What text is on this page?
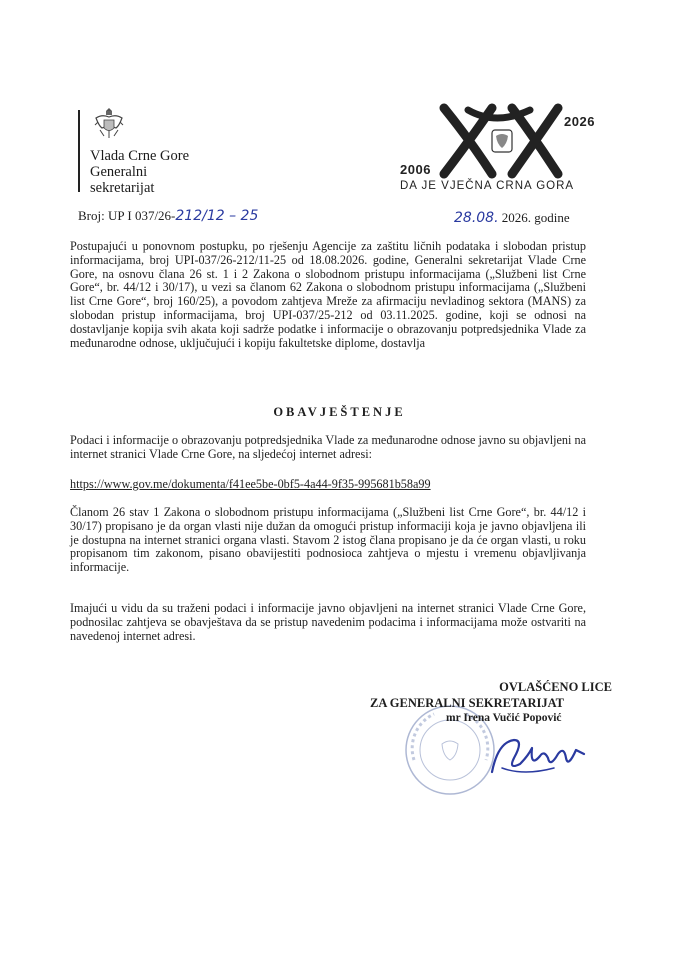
Vlada Crne Gore
Generalni
sekretarijat
2026
2006
DA JE VJEČNA CRNA GORA
Broj: UP I 037/26-212/12 – 25	28.08. 2026. godine
Postupajući u ponovnom postupku, po rješenju Agencije za zaštitu ličnih podataka i slobodan pristup informacijama, broj UPI-037/26-212/11-25 od 18.08.2026. godine, Generalni sekretarijat Vlade Crne Gore, na osnovu člana 26 st. 1 i 2 Zakona o slobodnom pristupu informacijama („Službeni list Crne Gore“, br. 44/12 i 30/17), u vezi sa članom 62 Zakona o slobodnom pristupu informacijama („Službeni list Crne Gore“, broj 160/25), a povodom zahtjeva Mreže za afirmaciju nevladinog sektora (MANS) za slobodan pristup informacijama, broj UPI-037/25-212 od 03.11.2025. godine, koji se odnosi na dostavljanje kopija svih akata koji sadrže podatke i informacije o obrazovanju potpredsjednika Vlade za međunarodne odnose, uključujući i kopiju fakultetske diplome, dostavlja
OBAVJEŠTENJE
Podaci i informacije o obrazovanju potpredsjednika Vlade za međunarodne odnose javno su objavljeni na internet stranici Vlade Crne Gore, na sljedećoj internet adresi:
https://www.gov.me/dokumenta/f41ee5be-0bf5-4a44-9f35-995681b58a99
Članom 26 stav 1 Zakona o slobodnom pristupu informacijama („Službeni list Crne Gore“, br. 44/12 i 30/17) propisano je da organ vlasti nije dužan da omogući pristup informaciji koja je javno objavljena ili je dostupna na internet stranici organa vlasti. Stavom 2 istog člana propisano je da će organ vlasti, u roku propisanom tim zakonom, pisano obavijestiti podnosioca zahtjeva o mjestu i vremenu objavljivanja informacije.
Imajući u vidu da su traženi podaci i informacije javno objavljeni na internet stranici Vlade Crne Gore, podnosilac zahtjeva se obavještava da se pristup navedenim podacima i informacijama može ostvariti na navedenoj internet adresi.
OVLAŠĆENO LICE
ZA GENERALNI SEKRETARIJAT
mr Irena Vučić Popović
